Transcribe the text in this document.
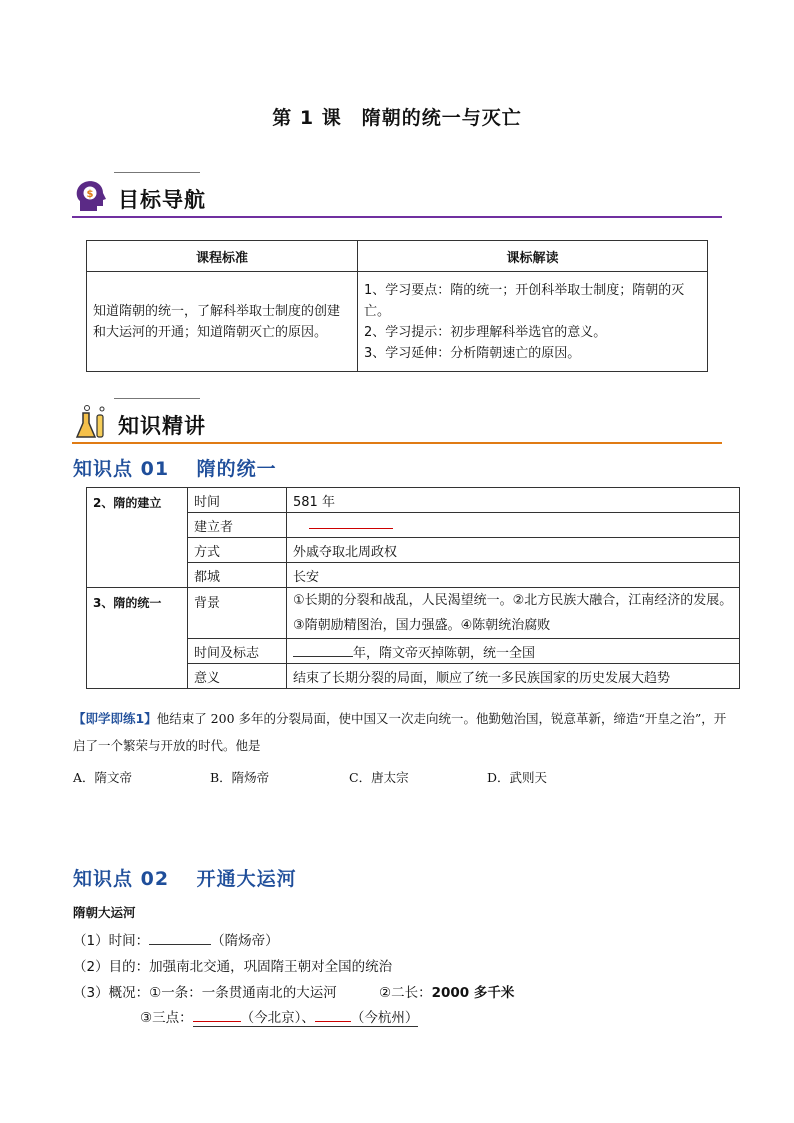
第 1 课　隋朝的统一与灭亡
$ 目标导航
课程标准	课标解读
知道隋朝的统一，了解科举取士制度的创建和大运河的开通；知道隋朝灭亡的原因。	1、学习要点：隋的统一；开创科举取士制度；隋朝的灭亡。
2、学习提示：初步理解科举选官的意义。
3、学习延伸：分析隋朝速亡的原因。
知识精讲
知识点 01　 隋的统一
2、隋的建立	时间	581 年
	建立者	
	方式	外戚夺取北周政权
	都城	长安
3、隋的统一	背景	①长期的分裂和战乱，人民渴望统一。②北方民族大融合，江南经济的发展。③隋朝励精图治，国力强盛。④陈朝统治腐败
	时间及标志	年，隋文帝灭掉陈朝，统一全国
	意义	结束了长期分裂的局面，顺应了统一多民族国家的历史发展大趋势
【即学即练1】他结束了 200 多年的分裂局面，使中国又一次走向统一。他勤勉治国，锐意革新，缔造“开皇之治”，开启了一个繁荣与开放的时代。他是
A．隋文帝	B．隋炀帝	C．唐太宗	D．武则天
知识点 02　 开通大运河
隋朝大运河
（1）时间：	（隋炀帝）
（2）目的：加强南北交通，巩固隋王朝对全国的统治
（3）概况：①一条：一条贯通南北的大运河	②二长：2000 多千米
③三点：	（今北京）、	（今杭州）
